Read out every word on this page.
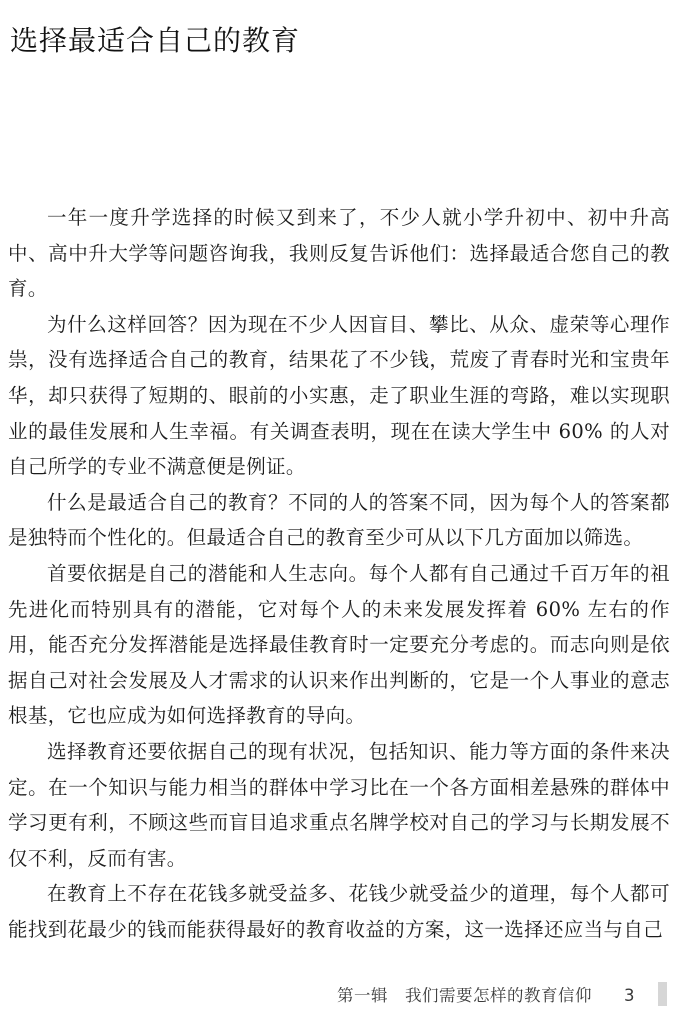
选择最适合自己的教育

一年一度升学选择的时候又到来了，不少人就小学升初中、初中升高中、高中升大学等问题咨询我，我则反复告诉他们：选择最适合您自己的教育。

为什么这样回答？因为现在不少人因盲目、攀比、从众、虚荣等心理作祟，没有选择适合自己的教育，结果花了不少钱，荒废了青春时光和宝贵年华，却只获得了短期的、眼前的小实惠，走了职业生涯的弯路，难以实现职业的最佳发展和人生幸福。有关调查表明，现在在读大学生中 60% 的人对自己所学的专业不满意便是例证。

什么是最适合自己的教育？不同的人的答案不同，因为每个人的答案都是独特而个性化的。但最适合自己的教育至少可从以下几方面加以筛选。

首要依据是自己的潜能和人生志向。每个人都有自己通过千百万年的祖先进化而特别具有的潜能，它对每个人的未来发展发挥着 60% 左右的作用，能否充分发挥潜能是选择最佳教育时一定要充分考虑的。而志向则是依据自己对社会发展及人才需求的认识来作出判断的，它是一个人事业的意志根基，它也应成为如何选择教育的导向。

选择教育还要依据自己的现有状况，包括知识、能力等方面的条件来决定。在一个知识与能力相当的群体中学习比在一个各方面相差悬殊的群体中学习更有利，不顾这些而盲目追求重点名牌学校对自己的学习与长期发展不仅不利，反而有害。

在教育上不存在花钱多就受益多、花钱少就受益少的道理，每个人都可能找到花最少的钱而能获得最好的教育收益的方案，这一选择还应当与自己

第一辑　我们需要怎样的教育信仰 3
